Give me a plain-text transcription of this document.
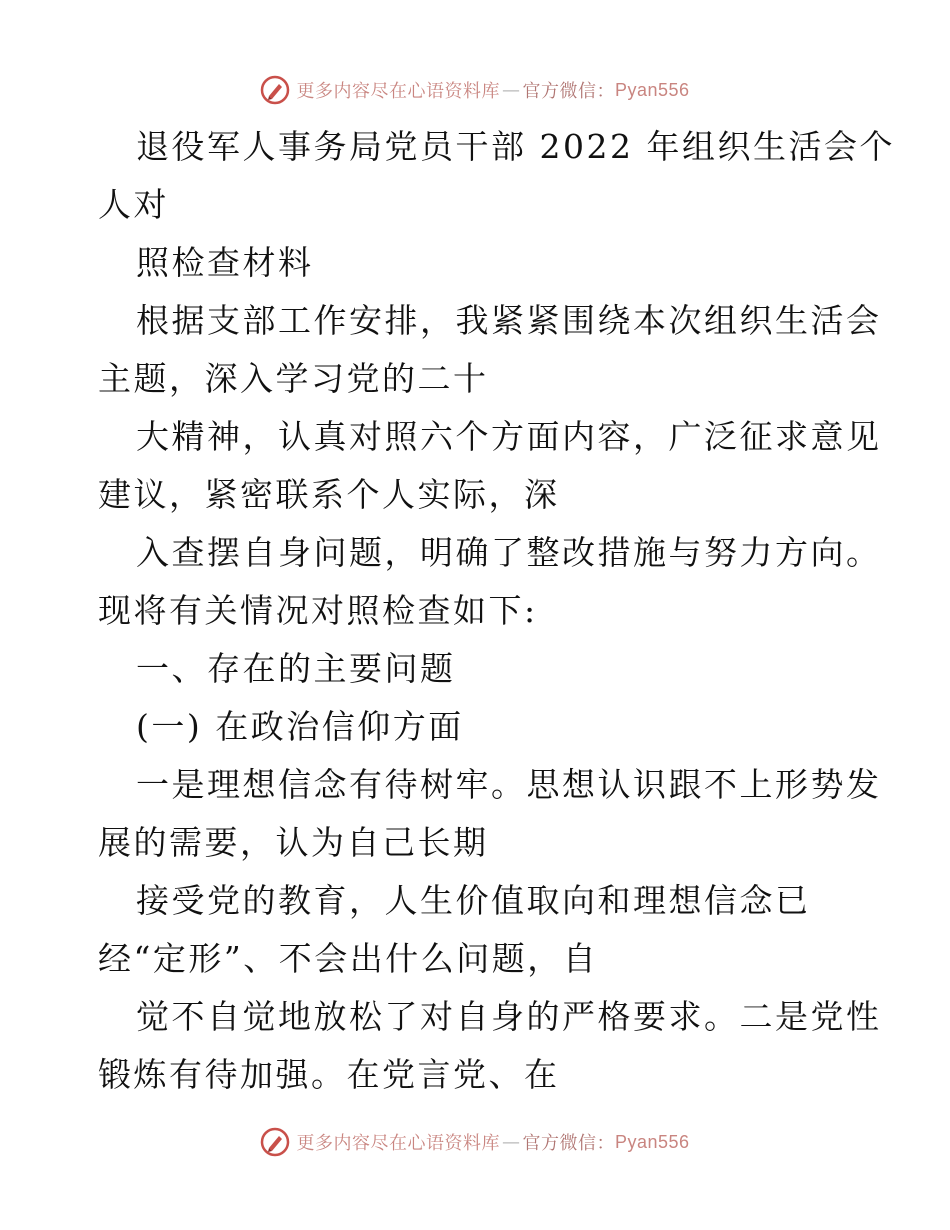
更多内容尽在心语资料库 — 官方微信： Pyan556
退役军人事务局党员干部 2022 年组织生活会个
人对
照检查材料
根据支部工作安排，我紧紧围绕本次组织生活会
主题，深入学习党的二十
大精神，认真对照六个方面内容，广泛征求意见
建议，紧密联系个人实际，深
入查摆自身问题，明确了整改措施与努力方向。
现将有关情况对照检查如下:
一、存在的主要问题
(一) 在政治信仰方面
一是理想信念有待树牢。思想认识跟不上形势发
展的需要，认为自己长期
接受党的教育，人生价值取向和理想信念已
经“定形”、不会出什么问题，自
觉不自觉地放松了对自身的严格要求。二是党性
锻炼有待加强。在党言党、在
更多内容尽在心语资料库 — 官方微信： Pyan556
